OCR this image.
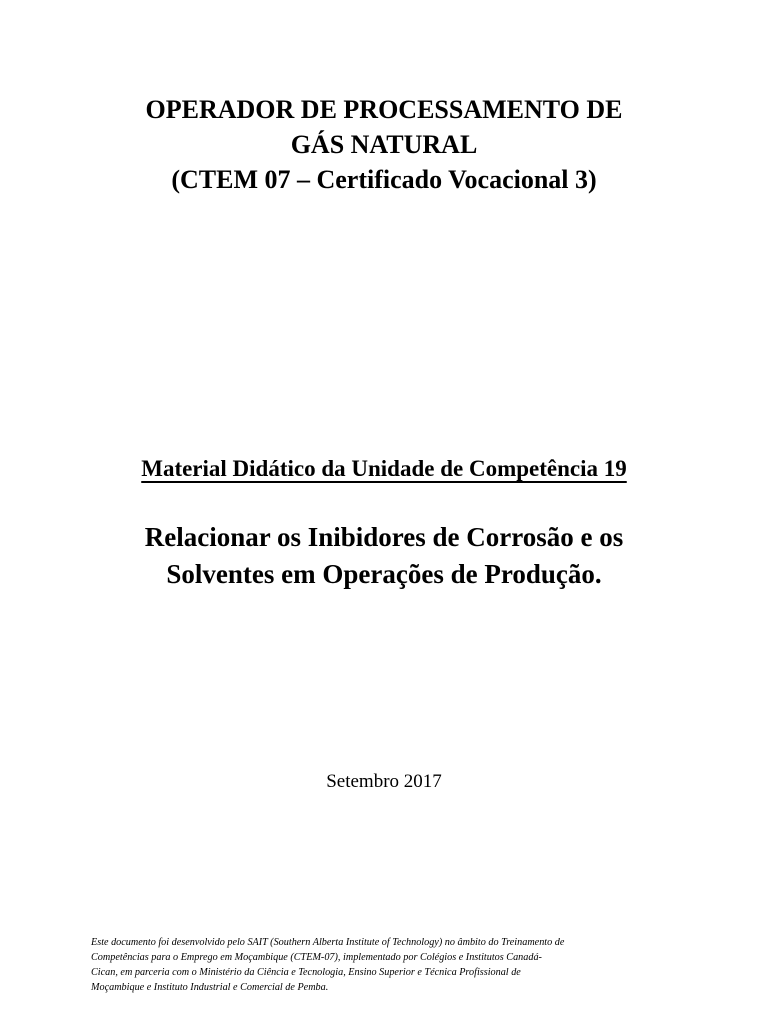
OPERADOR DE PROCESSAMENTO DE
GÁS NATURAL
(CTEM 07 – Certificado Vocacional 3)
Material Didático da Unidade de Competência 19
Relacionar os Inibidores de Corrosão e os
Solventes em Operações de Produção.
Setembro 2017
Este documento foi desenvolvido pelo SAIT (Southern Alberta Institute of Technology) no âmbito do Treinamento de
Competências para o Emprego em Moçambique (CTEM-07), implementado por Colégios e Institutos Canadá-
Cican, em parceria com o Ministério da Ciência e Tecnologia, Ensino Superior e Técnica Profissional de
Moçambique e Instituto Industrial e Comercial de Pemba.
